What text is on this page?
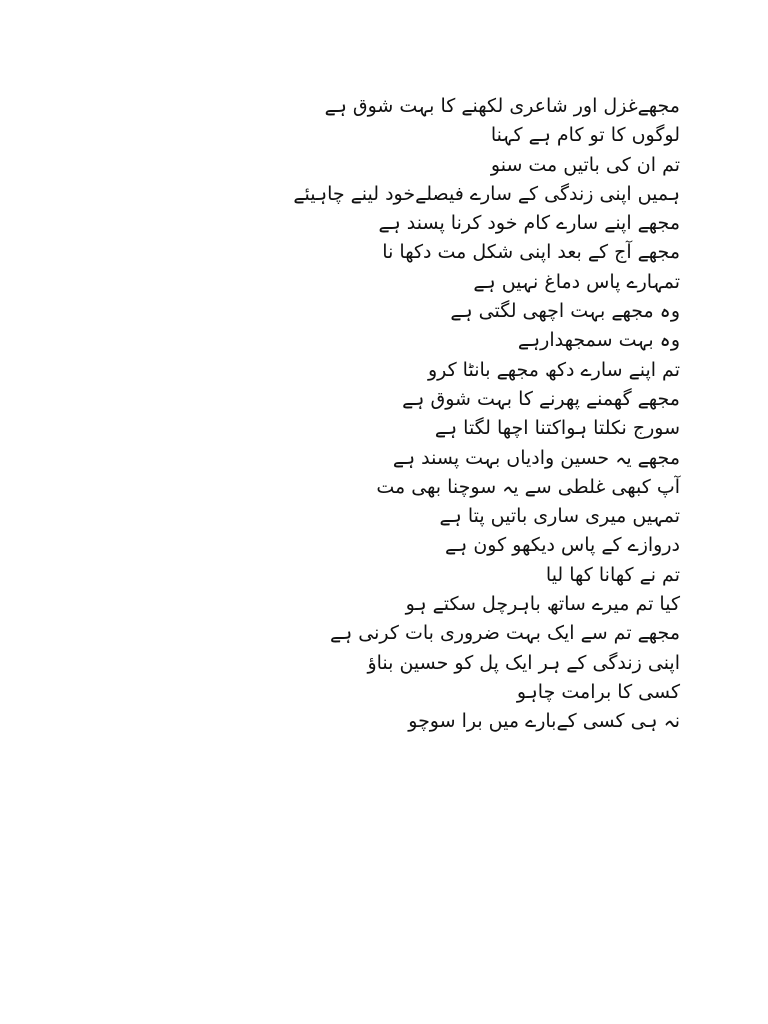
مجھےغزل اور شاعری لکھنے کا بہت شوق ہے
لوگوں کا تو کام ہے کہنا
تم ان کی باتیں مت سنو
ہمیں اپنی زندگی کے سارے فیصلےخود لینے چاہیئے
مجھے اپنے سارے کام خود کرنا پسند ہے
مجھے آج کے بعد اپنی شکل مت دکھا نا
تمہارے پاس دماغ نہیں ہے
وہ مجھے بہت اچھی لگتی ہے
وہ بہت سمجھدارہے
تم اپنے سارے دکھ مجھے بانٹا کرو
مجھے گھمنے پھرنے کا بہت شوق ہے
سورج نکلتا ہواکتنا اچھا لگتا ہے
مجھے یہ حسین وادیاں بہت پسند ہے
آپ کبھی غلطی سے یہ سوچنا بھی مت
تمہیں میری ساری باتیں پتا ہے
دروازے کے پاس دیکھو کون ہے
تم نے کھانا کھا لیا
کیا تم میرے ساتھ باہرچل سکتے ہو
مجھے تم سے ایک بہت ضروری بات کرنی ہے
اپنی زندگی کے ہر ایک پل کو حسین بناؤ
کسی کا برامت چاہو
نہ ہی کسی کےبارے میں برا سوچو
